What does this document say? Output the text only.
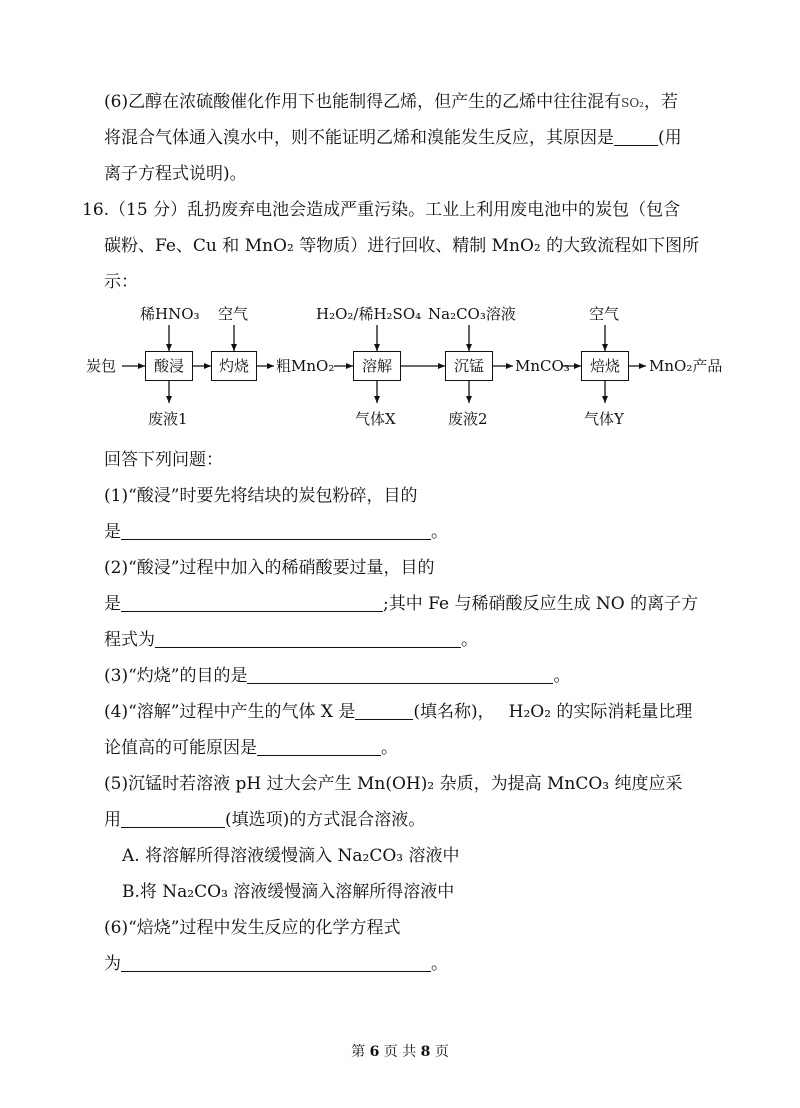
(6)乙醇在浓硫酸催化作用下也能制得乙烯，但产生的乙烯中往往混有SO₂，若
将混合气体通入溴水中，则不能证明乙烯和溴能发生反应，其原因是	(用
离子方程式说明)。
16.（15 分）乱扔废弃电池会造成严重污染。工业上利用废电池中的炭包（包含
碳粉、Fe、Cu 和 MnO₂ 等物质）进行回收、精制 MnO₂ 的大致流程如下图所
示：
稀HNO₃ 空气	H₂O₂/稀H₂SO₄ Na₂CO₃溶液	空气
炭包	酸浸	灼烧	粗MnO₂	溶解	沉锰	MnCO₃	焙烧	MnO₂产品
废液1	气体X	废液2	气体Y
回答下列问题：
(1)“酸浸”时要先将结块的炭包粉碎，目的
是	。
(2)“酸浸”过程中加入的稀硝酸要过量，目的
是	;其中 Fe 与稀硝酸反应生成 NO 的离子方
程式为	。
(3)“灼烧”的目的是	。
(4)“溶解”过程中产生的气体 X 是	(填名称)， H₂O₂ 的实际消耗量比理
论值高的可能原因是	。
(5)沉锰时若溶液 pH 过大会产生 Mn(OH)₂ 杂质，为提高 MnCO₃ 纯度应采
用	(填选项)的方式混合溶液。
A. 将溶解所得溶液缓慢滴入 Na₂CO₃ 溶液中
B.将 Na₂CO₃ 溶液缓慢滴入溶解所得溶液中
(6)“焙烧”过程中发生反应的化学方程式
为	。
第 6 页 共 8 页
